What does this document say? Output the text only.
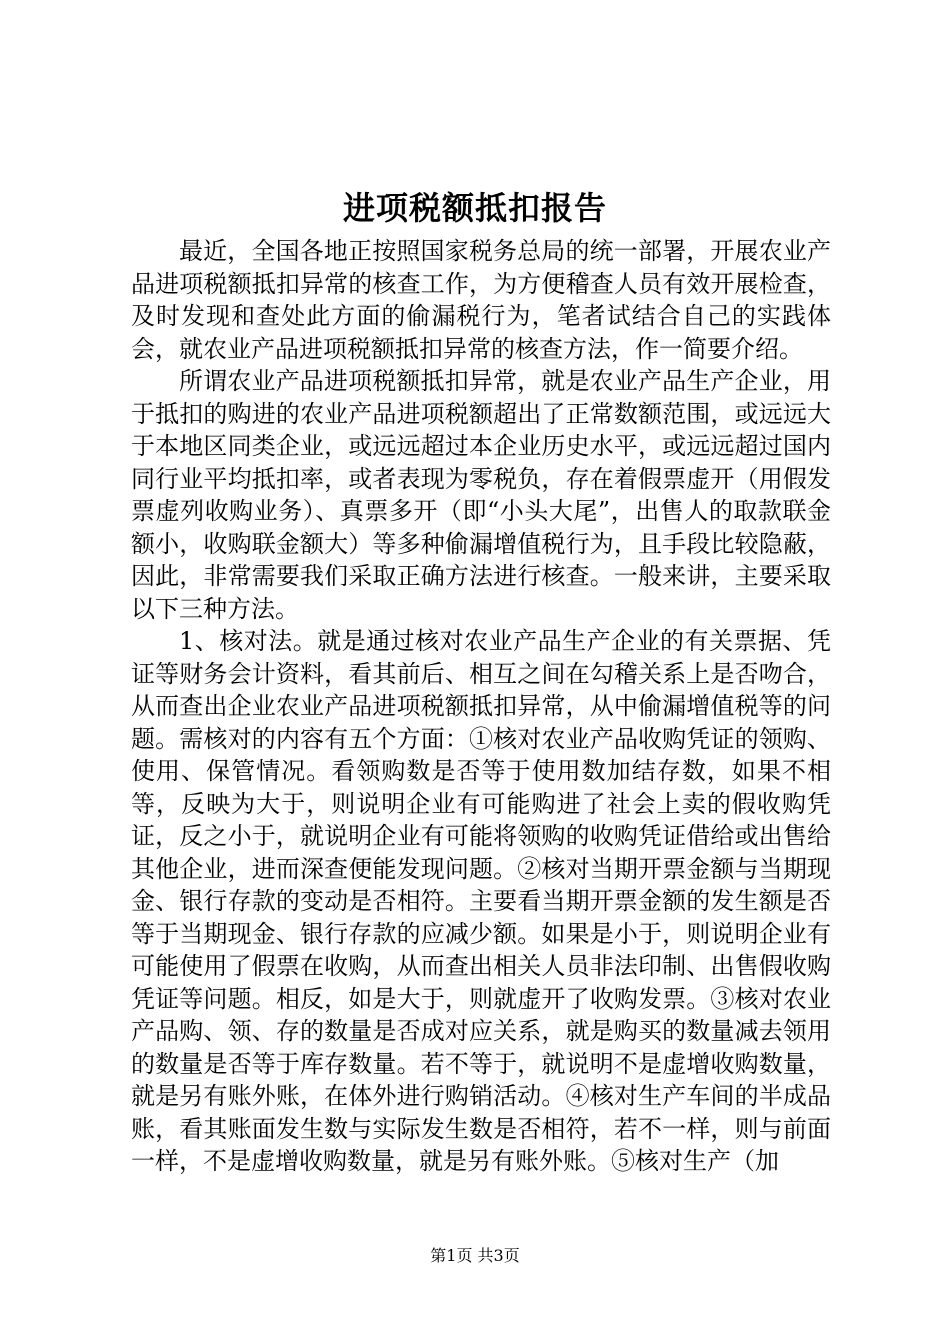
进项税额抵扣报告

最近，全国各地正按照国家税务总局的统一部署，开展农业产品进项税额抵扣异常的核查工作，为方便稽查人员有效开展检查，及时发现和查处此方面的偷漏税行为，笔者试结合自己的实践体会，就农业产品进项税额抵扣异常的核查方法，作一简要介绍。

所谓农业产品进项税额抵扣异常，就是农业产品生产企业，用于抵扣的购进的农业产品进项税额超出了正常数额范围，或远远大于本地区同类企业，或远远超过本企业历史水平，或远远超过国内同行业平均抵扣率，或者表现为零税负，存在着假票虚开（用假发票虚列收购业务）、真票多开（即“小头大尾”，出售人的取款联金额小，收购联金额大）等多种偷漏增值税行为，且手段比较隐蔽，因此，非常需要我们采取正确方法进行核查。一般来讲，主要采取以下三种方法。

1、核对法。就是通过核对农业产品生产企业的有关票据、凭证等财务会计资料，看其前后、相互之间在勾稽关系上是否吻合，从而查出企业农业产品进项税额抵扣异常，从中偷漏增值税等的问题。需核对的内容有五个方面：①核对农业产品收购凭证的领购、使用、保管情况。看领购数是否等于使用数加结存数，如果不相等，反映为大于，则说明企业有可能购进了社会上卖的假收购凭证，反之小于，就说明企业有可能将领购的收购凭证借给或出售给其他企业，进而深查便能发现问题。②核对当期开票金额与当期现金、银行存款的变动是否相符。主要看当期开票金额的发生额是否等于当期现金、银行存款的应减少额。如果是小于，则说明企业有可能使用了假票在收购，从而查出相关人员非法印制、出售假收购凭证等问题。相反，如是大于，则就虚开了收购发票。③核对农业产品购、领、存的数量是否成对应关系，就是购买的数量减去领用的数量是否等于库存数量。若不等于，就说明不是虚增收购数量，就是另有账外账，在体外进行购销活动。④核对生产车间的半成品账，看其账面发生数与实际发生数是否相符，若不一样，则与前面一样，不是虚增收购数量，就是另有账外账。⑤核对生产（加

第1页 共3页
